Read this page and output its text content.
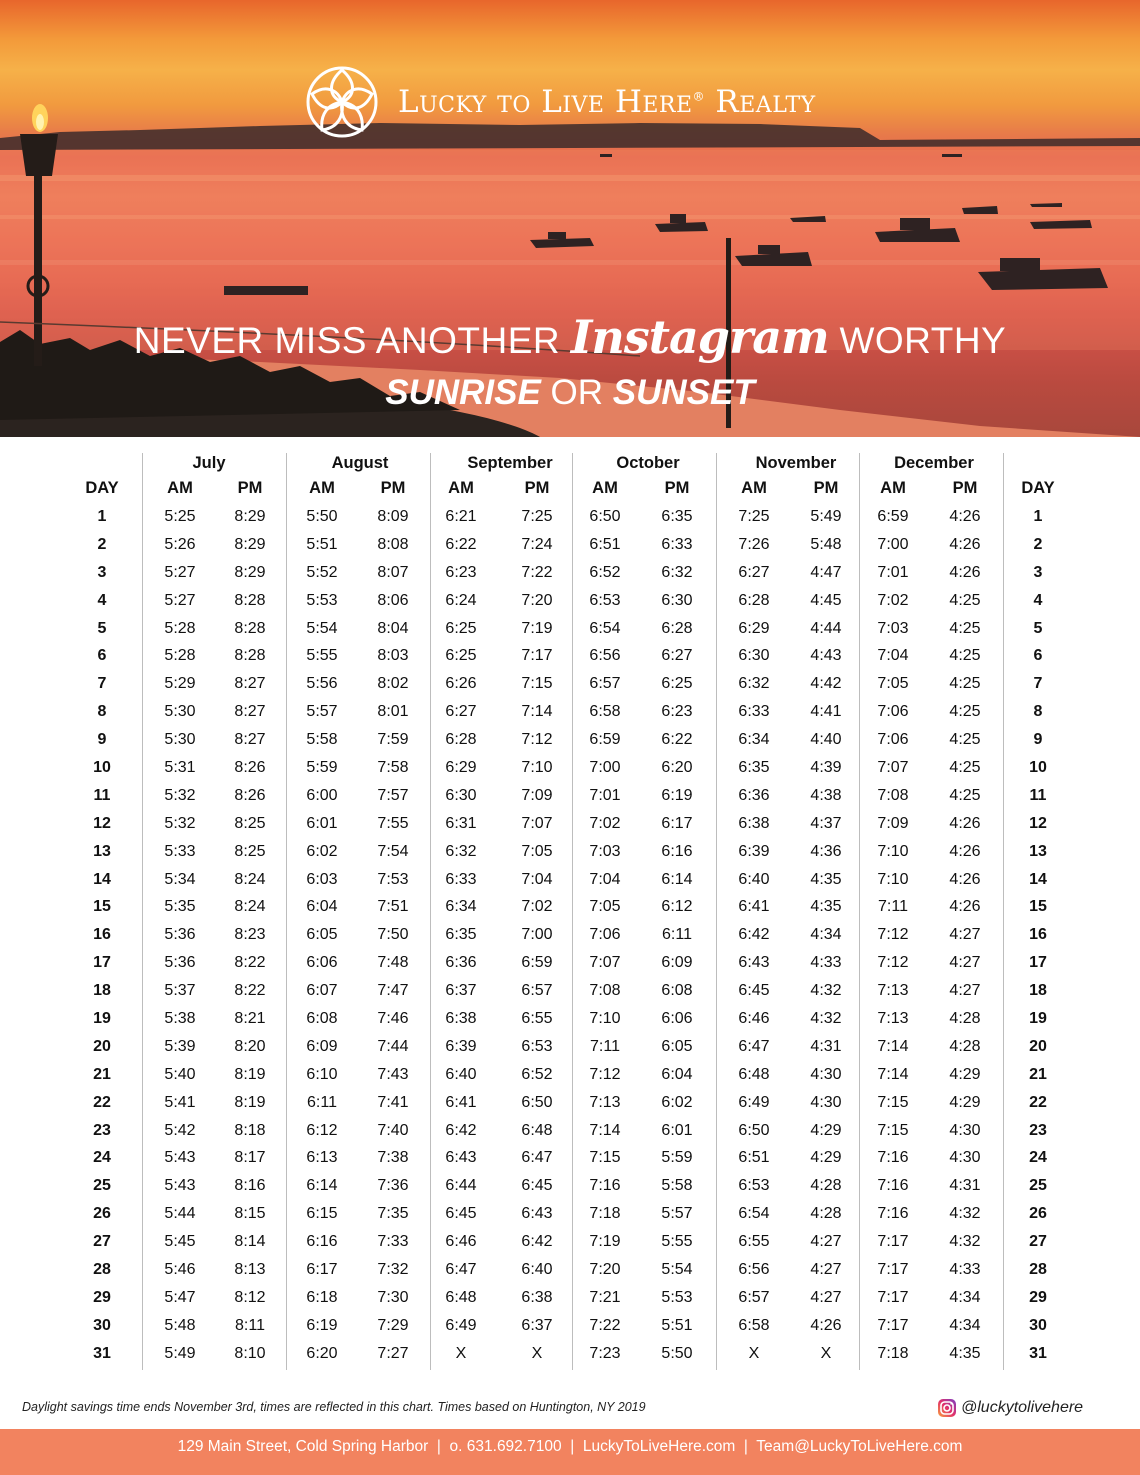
Lucky to Live Here® Realty
NEVER MISS ANOTHER Instagram WORTHY
SUNRISE OR SUNSET
July	August	September	October	November	December
DAY	AM	PM	AM	PM	AM	PM	AM	PM	AM	PM	AM	PM	DAY
1	5:25	8:29	5:50	8:09	6:21	7:25	6:50	6:35	7:25	5:49	6:59	4:26	1
2	5:26	8:29	5:51	8:08	6:22	7:24	6:51	6:33	7:26	5:48	7:00	4:26	2
3	5:27	8:29	5:52	8:07	6:23	7:22	6:52	6:32	6:27	4:47	7:01	4:26	3
4	5:27	8:28	5:53	8:06	6:24	7:20	6:53	6:30	6:28	4:45	7:02	4:25	4
5	5:28	8:28	5:54	8:04	6:25	7:19	6:54	6:28	6:29	4:44	7:03	4:25	5
6	5:28	8:28	5:55	8:03	6:25	7:17	6:56	6:27	6:30	4:43	7:04	4:25	6
7	5:29	8:27	5:56	8:02	6:26	7:15	6:57	6:25	6:32	4:42	7:05	4:25	7
8	5:30	8:27	5:57	8:01	6:27	7:14	6:58	6:23	6:33	4:41	7:06	4:25	8
9	5:30	8:27	5:58	7:59	6:28	7:12	6:59	6:22	6:34	4:40	7:06	4:25	9
10	5:31	8:26	5:59	7:58	6:29	7:10	7:00	6:20	6:35	4:39	7:07	4:25	10
11	5:32	8:26	6:00	7:57	6:30	7:09	7:01	6:19	6:36	4:38	7:08	4:25	11
12	5:32	8:25	6:01	7:55	6:31	7:07	7:02	6:17	6:38	4:37	7:09	4:26	12
13	5:33	8:25	6:02	7:54	6:32	7:05	7:03	6:16	6:39	4:36	7:10	4:26	13
14	5:34	8:24	6:03	7:53	6:33	7:04	7:04	6:14	6:40	4:35	7:10	4:26	14
15	5:35	8:24	6:04	7:51	6:34	7:02	7:05	6:12	6:41	4:35	7:11	4:26	15
16	5:36	8:23	6:05	7:50	6:35	7:00	7:06	6:11	6:42	4:34	7:12	4:27	16
17	5:36	8:22	6:06	7:48	6:36	6:59	7:07	6:09	6:43	4:33	7:12	4:27	17
18	5:37	8:22	6:07	7:47	6:37	6:57	7:08	6:08	6:45	4:32	7:13	4:27	18
19	5:38	8:21	6:08	7:46	6:38	6:55	7:10	6:06	6:46	4:32	7:13	4:28	19
20	5:39	8:20	6:09	7:44	6:39	6:53	7:11	6:05	6:47	4:31	7:14	4:28	20
21	5:40	8:19	6:10	7:43	6:40	6:52	7:12	6:04	6:48	4:30	7:14	4:29	21
22	5:41	8:19	6:11	7:41	6:41	6:50	7:13	6:02	6:49	4:30	7:15	4:29	22
23	5:42	8:18	6:12	7:40	6:42	6:48	7:14	6:01	6:50	4:29	7:15	4:30	23
24	5:43	8:17	6:13	7:38	6:43	6:47	7:15	5:59	6:51	4:29	7:16	4:30	24
25	5:43	8:16	6:14	7:36	6:44	6:45	7:16	5:58	6:53	4:28	7:16	4:31	25
26	5:44	8:15	6:15	7:35	6:45	6:43	7:18	5:57	6:54	4:28	7:16	4:32	26
27	5:45	8:14	6:16	7:33	6:46	6:42	7:19	5:55	6:55	4:27	7:17	4:32	27
28	5:46	8:13	6:17	7:32	6:47	6:40	7:20	5:54	6:56	4:27	7:17	4:33	28
29	5:47	8:12	6:18	7:30	6:48	6:38	7:21	5:53	6:57	4:27	7:17	4:34	29
30	5:48	8:11	6:19	7:29	6:49	6:37	7:22	5:51	6:58	4:26	7:17	4:34	30
31	5:49	8:10	6:20	7:27	X	X	7:23	5:50	X	X	7:18	4:35	31
Daylight savings time ends November 3rd, times are reflected in this chart. Times based on Huntington, NY 2019	@luckytolivehere
129 Main Street, Cold Spring Harbor  |  o. 631.692.7100  |  LuckyToLiveHere.com  |  Team@LuckyToLiveHere.com
